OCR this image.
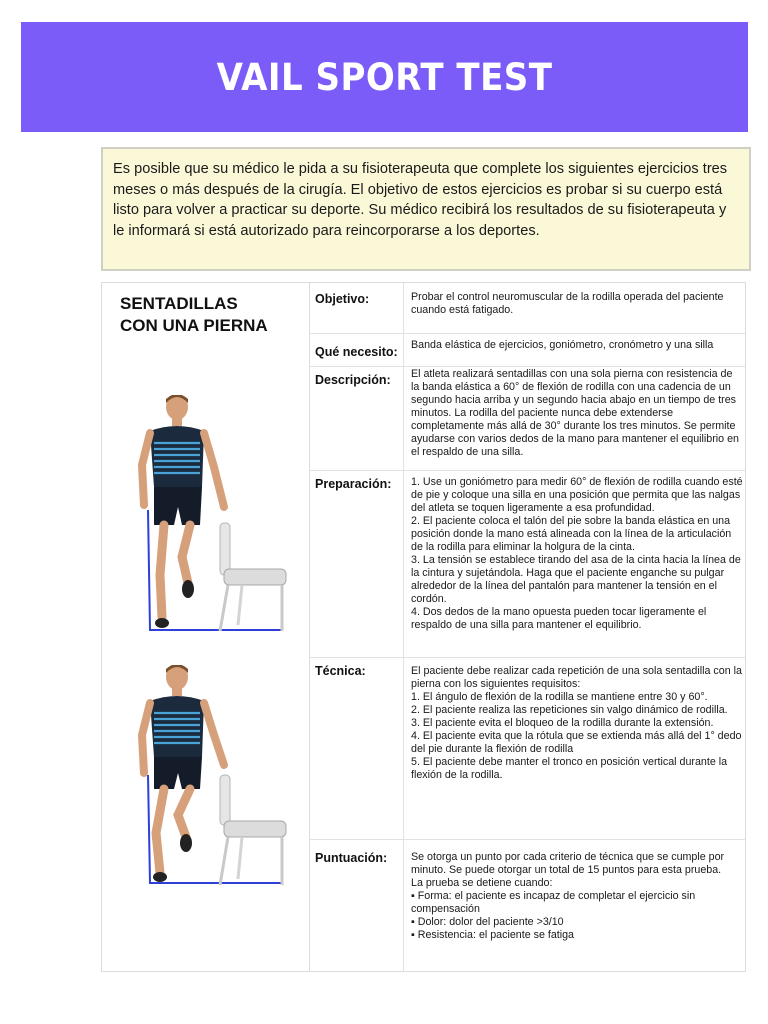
VAIL SPORT TEST

Es posible que su médico le pida a su fisioterapeuta que complete los siguientes ejercicios tres meses o más después de la cirugía. El objetivo de estos ejercicios es probar si su cuerpo está listo para volver a practicar su deporte. Su médico recibirá los resultados de su fisioterapeuta y le informará si está autorizado para reincorporarse a los deportes.

SENTADILLAS
CON UNA PIERNA
Objetivo:	Probar el control neuromuscular de la rodilla operada del paciente cuando está fatigado.
Qué necesito:	Banda elástica de ejercicios, goniómetro, cronómetro y una silla
Descripción:	El atleta realizará sentadillas con una sola pierna con resistencia de la banda elástica a 60° de flexión de rodilla con una cadencia de un segundo hacia arriba y un segundo hacia abajo en un tiempo de tres minutos. La rodilla del paciente nunca debe extenderse completamente más allá de 30° durante los tres minutos. Se permite ayudarse con varios dedos de la mano para mantener el equilibrio en el respaldo de una silla.
Preparación:	1. Use un goniómetro para medir 60° de flexión de rodilla cuando esté de pie y coloque una silla en una posición que permita que las nalgas del atleta se toquen ligeramente a esa profundidad.
2. El paciente coloca el talón del pie sobre la banda elástica en una posición donde la mano está alineada con la línea de la articulación de la rodilla para eliminar la holgura de la cinta.
3. La tensión se establece tirando del asa de la cinta hacia la línea de la cintura y sujetándola. Haga que el paciente enganche su pulgar alrededor de la línea del pantalón para mantener la tensión en el cordón.
4. Dos dedos de la mano opuesta pueden tocar ligeramente el respaldo de una silla para mantener el equilibrio.
Técnica:	El paciente debe realizar cada repetición de una sola sentadilla con la pierna con los siguientes requisitos:
1. El ángulo de flexión de la rodilla se mantiene entre 30 y 60°.
2. El paciente realiza las repeticiones sin valgo dinámico de rodilla.
3. El paciente evita el bloqueo de la rodilla durante la extensión.
4. El paciente evita que la rótula que se extienda más allá del 1° dedo del pie durante la flexión de rodilla
5. El paciente debe manter el tronco en posición vertical durante la flexión de la rodilla.
Puntuación:	Se otorga un punto por cada criterio de técnica que se cumple por minuto. Se puede otorgar un total de 15 puntos para esta prueba.
La prueba se detiene cuando:
▪ Forma: el paciente es incapaz de completar el ejercicio sin compensación
▪ Dolor: dolor del paciente >3/10
▪ Resistencia: el paciente se fatiga
